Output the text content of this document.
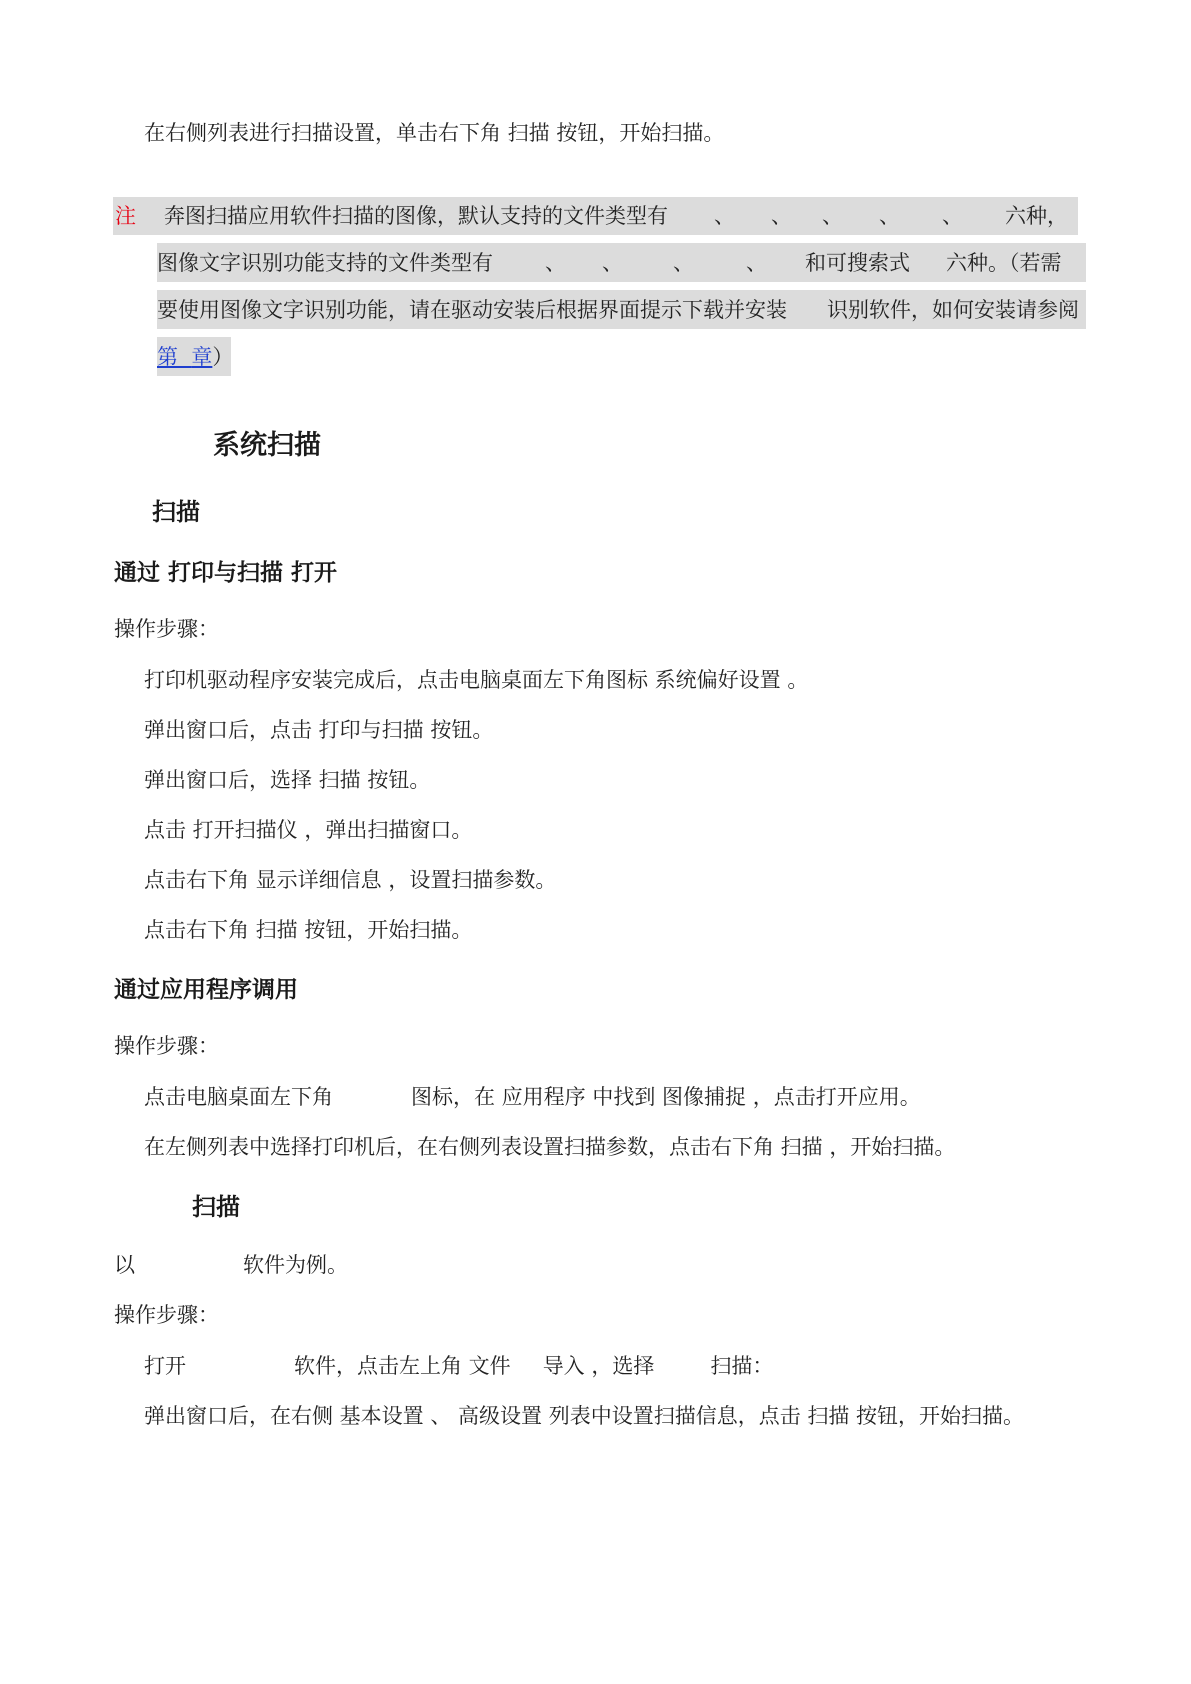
在右侧列表进行扫描设置，单击右下角 扫描 按钮，开始扫描。
注 奔图扫描应用软件扫描的图像，默认支持的文件类型有 、 、 、 、 、 六种，
图像文字识别功能支持的文件类型有 、 、 、 、 和可搜索式 六种。（若需
要使用图像文字识别功能，请在驱动安装后根据界面提示下载并安装 识别软件，如何安装请参阅
第 章）
系统扫描
扫描
通过 打印与扫描 打开
操作步骤：
打印机驱动程序安装完成后，点击电脑桌面左下角图标 系统偏好设置 。
弹出窗口后，点击 打印与扫描 按钮。
弹出窗口后，选择 扫描 按钮。
点击 打开扫描仪 ，弹出扫描窗口。
点击右下角 显示详细信息 ，设置扫描参数。
点击右下角 扫描 按钮，开始扫描。
通过应用程序调用
操作步骤：
点击电脑桌面左下角	图标，在 应用程序 中找到 图像捕捉 ，点击打开应用。
在左侧列表中选择打印机后，在右侧列表设置扫描参数，点击右下角 扫描 ，开始扫描。
扫描
以	软件为例。
操作步骤：
打开	软件，点击左上角 文件 导入 ，选择	扫描：
弹出窗口后，在右侧 基本设置 、 高级设置 列表中设置扫描信息，点击 扫描 按钮，开始扫描。
